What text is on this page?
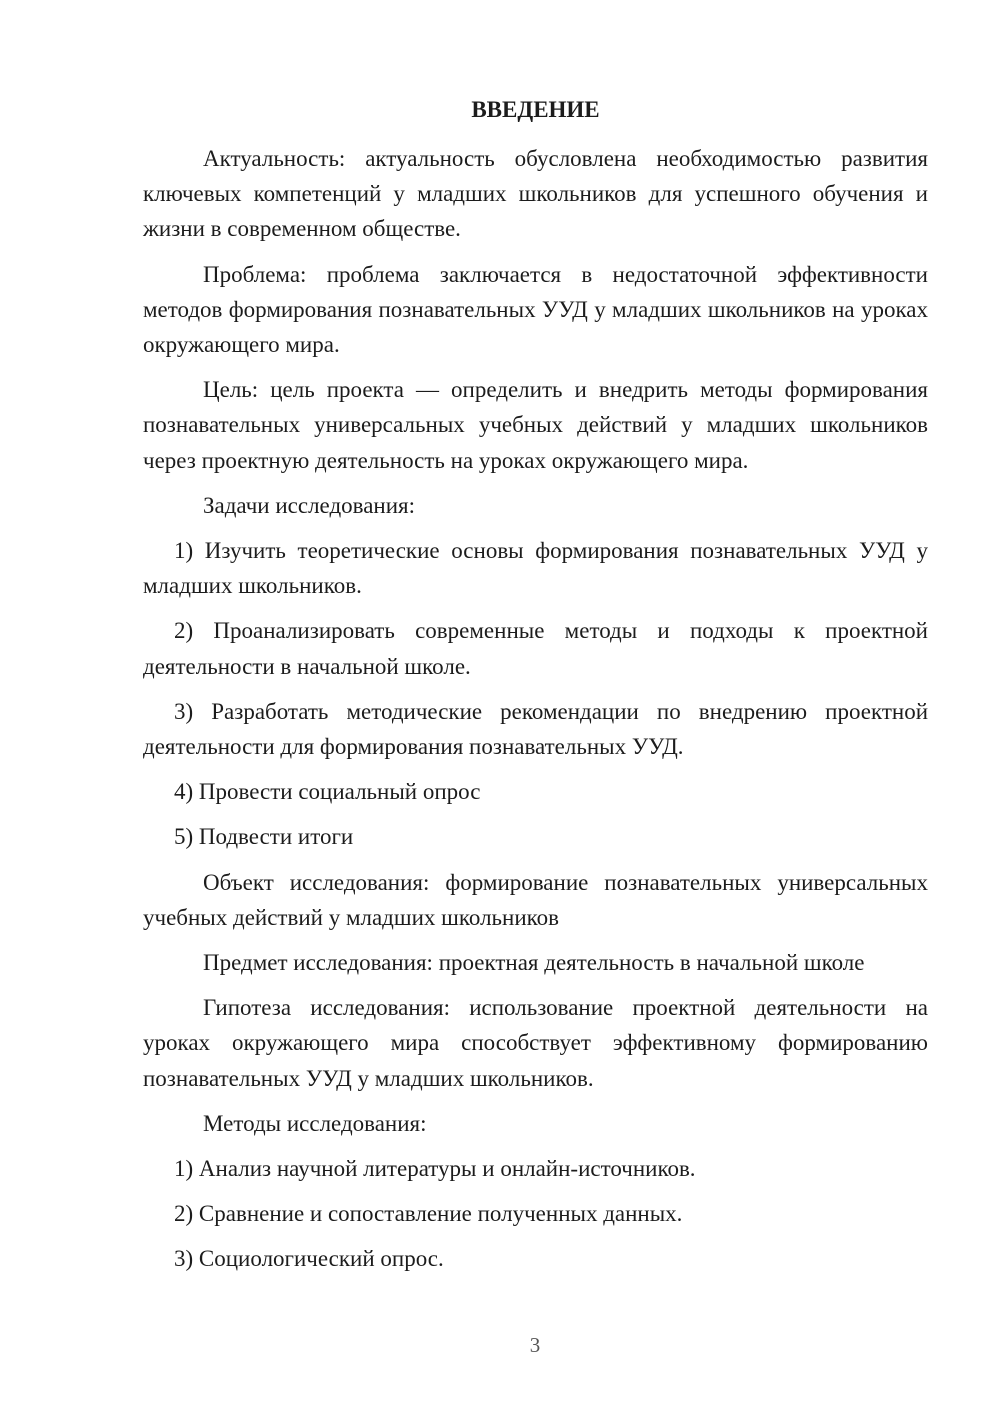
ВВЕДЕНИЕ
Актуальность: актуальность обусловлена необходимостью развития ключевых компетенций у младших школьников для успешного обучения и жизни в современном обществе.
Проблема: проблема заключается в недостаточной эффективности методов формирования познавательных УУД у младших школьников на уроках окружающего мира.
Цель: цель проекта — определить и внедрить методы формирования познавательных универсальных учебных действий у младших школьников через проектную деятельность на уроках окружающего мира.
Задачи исследования:
1) Изучить теоретические основы формирования познавательных УУД у младших школьников.
2) Проанализировать современные методы и подходы к проектной деятельности в начальной школе.
3) Разработать методические рекомендации по внедрению проектной деятельности для формирования познавательных УУД.
4) Провести социальный опрос
5) Подвести итоги
Объект исследования: формирование познавательных универсальных учебных действий у младших школьников
Предмет исследования: проектная деятельность в начальной школе
Гипотеза исследования: использование проектной деятельности на уроках окружающего мира способствует эффективному формированию познавательных УУД у младших школьников.
Методы исследования:
1) Анализ научной литературы и онлайн-источников.
2) Сравнение и сопоставление полученных данных.
3) Социологический опрос.
3
